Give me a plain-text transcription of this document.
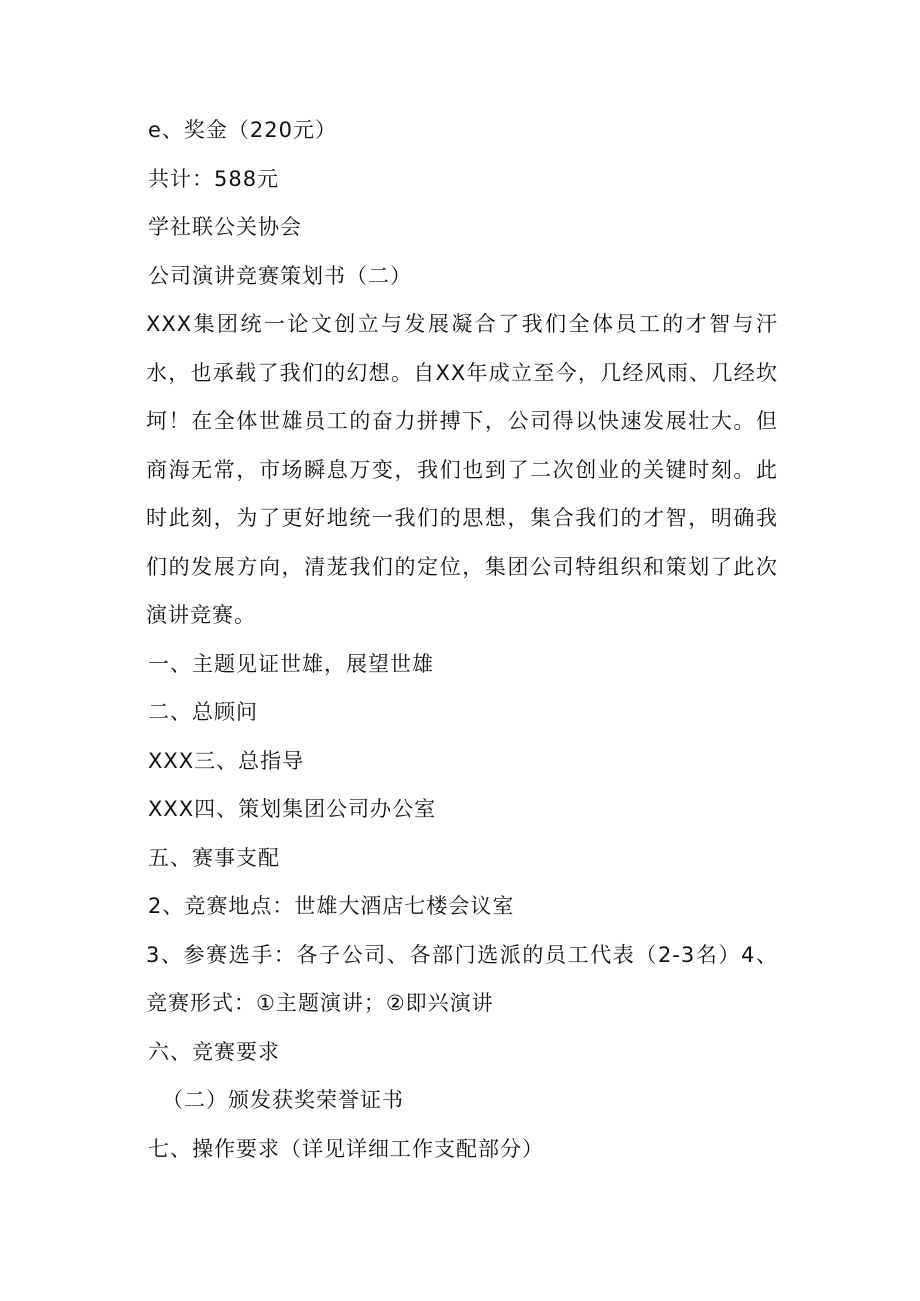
e、奖金（220元）
共计：588元
学社联公关协会
公司演讲竞赛策划书（二）
XXX集团统一论文创立与发展凝合了我们全体员工的才智与汗水，也承载了我们的幻想。自XX年成立至今，几经风雨、几经坎坷！在全体世雄员工的奋力拼搏下，公司得以快速发展壮大。但商海无常，市场瞬息万变，我们也到了二次创业的关键时刻。此时此刻，为了更好地统一我们的思想，集合我们的才智，明确我们的发展方向，清茏我们的定位，集团公司特组织和策划了此次演讲竞赛。
一、主题见证世雄，展望世雄
二、总顾问
XXX三、总指导
XXX四、策划集团公司办公室
五、赛事支配
2、竞赛地点：世雄大酒店七楼会议室
3、参赛选手：各子公司、各部门选派的员工代表（2-3名）4、竞赛形式：①主题演讲；②即兴演讲
六、竞赛要求
（二）颁发获奖荣誉证书
七、操作要求（详见详细工作支配部分）
